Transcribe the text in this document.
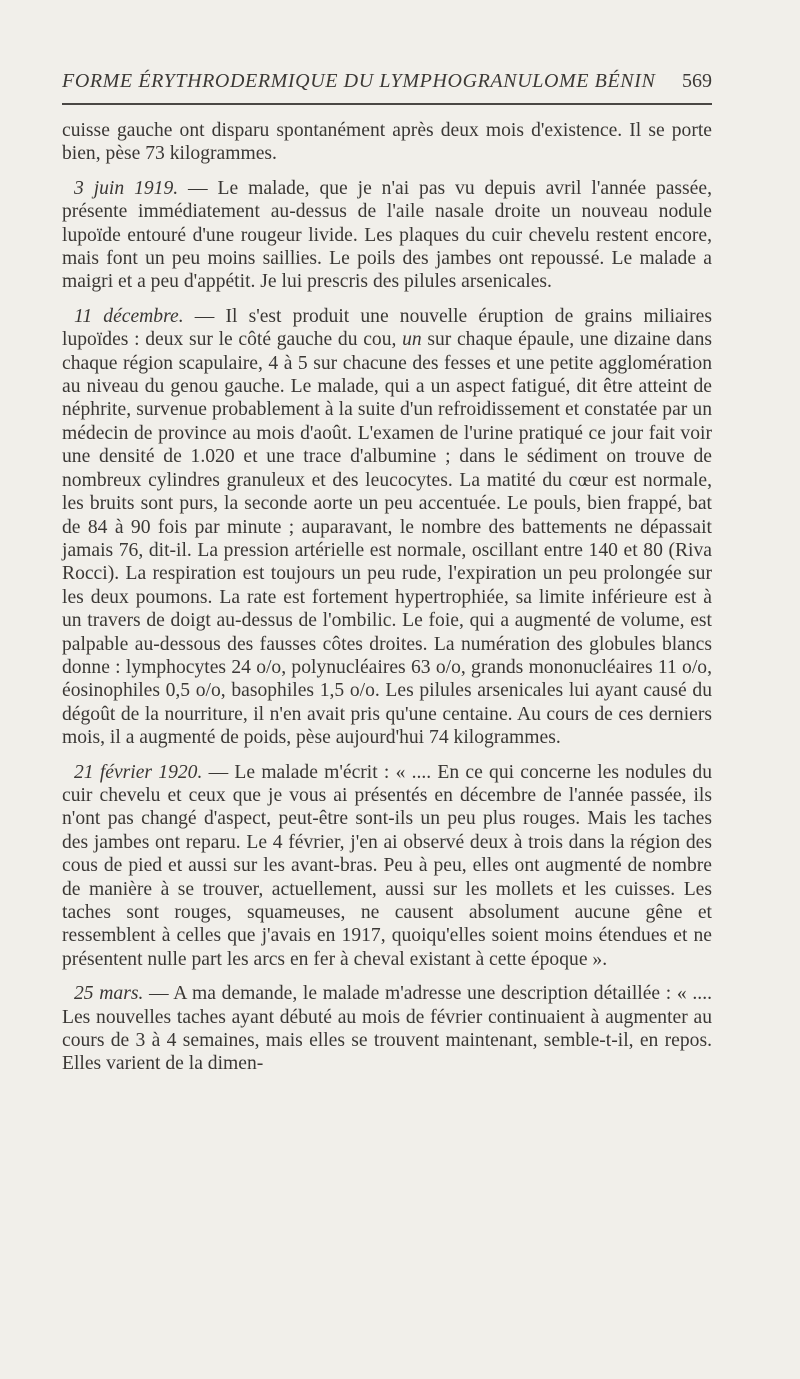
FORME ÉRYTHRODERMIQUE DU LYMPHOGRANULOME BÉNIN 569

cuisse gauche ont disparu spontanément après deux mois d'existence. Il se porte bien, pèse 73 kilogrammes.

3 juin 1919. — Le malade, que je n'ai pas vu depuis avril l'année passée, présente immédiatement au-dessus de l'aile nasale droite un nouveau nodule lupoïde entouré d'une rougeur livide. Les plaques du cuir chevelu restent encore, mais font un peu moins saillies. Le poils des jambes ont repoussé. Le malade a maigri et a peu d'appétit. Je lui prescris des pilules arsenicales.

11 décembre. — Il s'est produit une nouvelle éruption de grains miliaires lupoïdes : deux sur le côté gauche du cou, un sur chaque épaule, une dizaine dans chaque région scapulaire, 4 à 5 sur chacune des fesses et une petite agglomération au niveau du genou gauche. Le malade, qui a un aspect fatigué, dit être atteint de néphrite, survenue probablement à la suite d'un refroidissement et constatée par un médecin de province au mois d'août. L'examen de l'urine pratiqué ce jour fait voir une densité de 1.020 et une trace d'albumine ; dans le sédiment on trouve de nombreux cylindres granuleux et des leucocytes. La matité du cœur est normale, les bruits sont purs, la seconde aorte un peu accentuée. Le pouls, bien frappé, bat de 84 à 90 fois par minute ; auparavant, le nombre des battements ne dépassait jamais 76, dit-il. La pression artérielle est normale, oscillant entre 140 et 80 (Riva Rocci). La respiration est toujours un peu rude, l'expiration un peu prolongée sur les deux poumons. La rate est fortement hypertrophiée, sa limite inférieure est à un travers de doigt au-dessus de l'ombilic. Le foie, qui a augmenté de volume, est palpable au-dessous des fausses côtes droites. La numération des globules blancs donne : lymphocytes 24 o/o, polynucléaires 63 o/o, grands mononucléaires 11 o/o, éosinophiles 0,5 o/o, basophiles 1,5 o/o. Les pilules arsenicales lui ayant causé du dégoût de la nourriture, il n'en avait pris qu'une centaine. Au cours de ces derniers mois, il a augmenté de poids, pèse aujourd'hui 74 kilogrammes.

21 février 1920. — Le malade m'écrit : « .... En ce qui concerne les nodules du cuir chevelu et ceux que je vous ai présentés en décembre de l'année passée, ils n'ont pas changé d'aspect, peut-être sont-ils un peu plus rouges. Mais les taches des jambes ont reparu. Le 4 février, j'en ai observé deux à trois dans la région des cous de pied et aussi sur les avant-bras. Peu à peu, elles ont augmenté de nombre de manière à se trouver, actuellement, aussi sur les mollets et les cuisses. Les taches sont rouges, squameuses, ne causent absolument aucune gêne et ressemblent à celles que j'avais en 1917, quoiqu'elles soient moins étendues et ne présentent nulle part les arcs en fer à cheval existant à cette époque ».

25 mars. — A ma demande, le malade m'adresse une description détaillée : « .... Les nouvelles taches ayant débuté au mois de février continuaient à augmenter au cours de 3 à 4 semaines, mais elles se trouvent maintenant, semble-t-il, en repos. Elles varient de la dimen-
